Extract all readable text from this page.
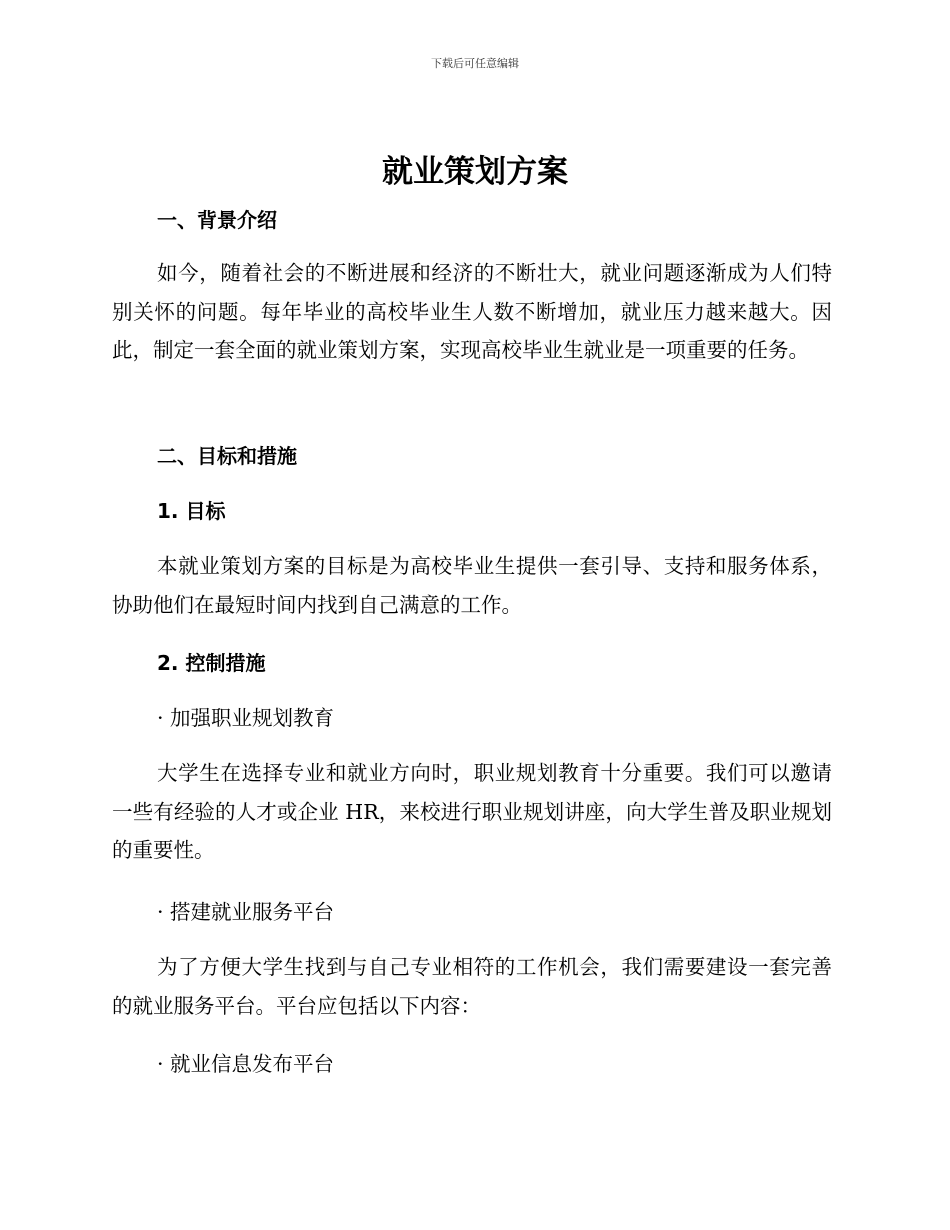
下载后可任意编辑
就业策划方案
一、背景介绍

如今，随着社会的不断进展和经济的不断壮大，就业问题逐渐成为人们特别关怀的问题。每年毕业的高校毕业生人数不断增加，就业压力越来越大。因此，制定一套全面的就业策划方案，实现高校毕业生就业是一项重要的任务。

二、目标和措施
1. 目标

本就业策划方案的目标是为高校毕业生提供一套引导、支持和服务体系，协助他们在最短时间内找到自己满意的工作。

2. 控制措施

· 加强职业规划教育

大学生在选择专业和就业方向时，职业规划教育十分重要。我们可以邀请一些有经验的人才或企业 HR，来校进行职业规划讲座，向大学生普及职业规划的重要性。

· 搭建就业服务平台

为了方便大学生找到与自己专业相符的工作机会，我们需要建设一套完善的就业服务平台。平台应包括以下内容：

· 就业信息发布平台
